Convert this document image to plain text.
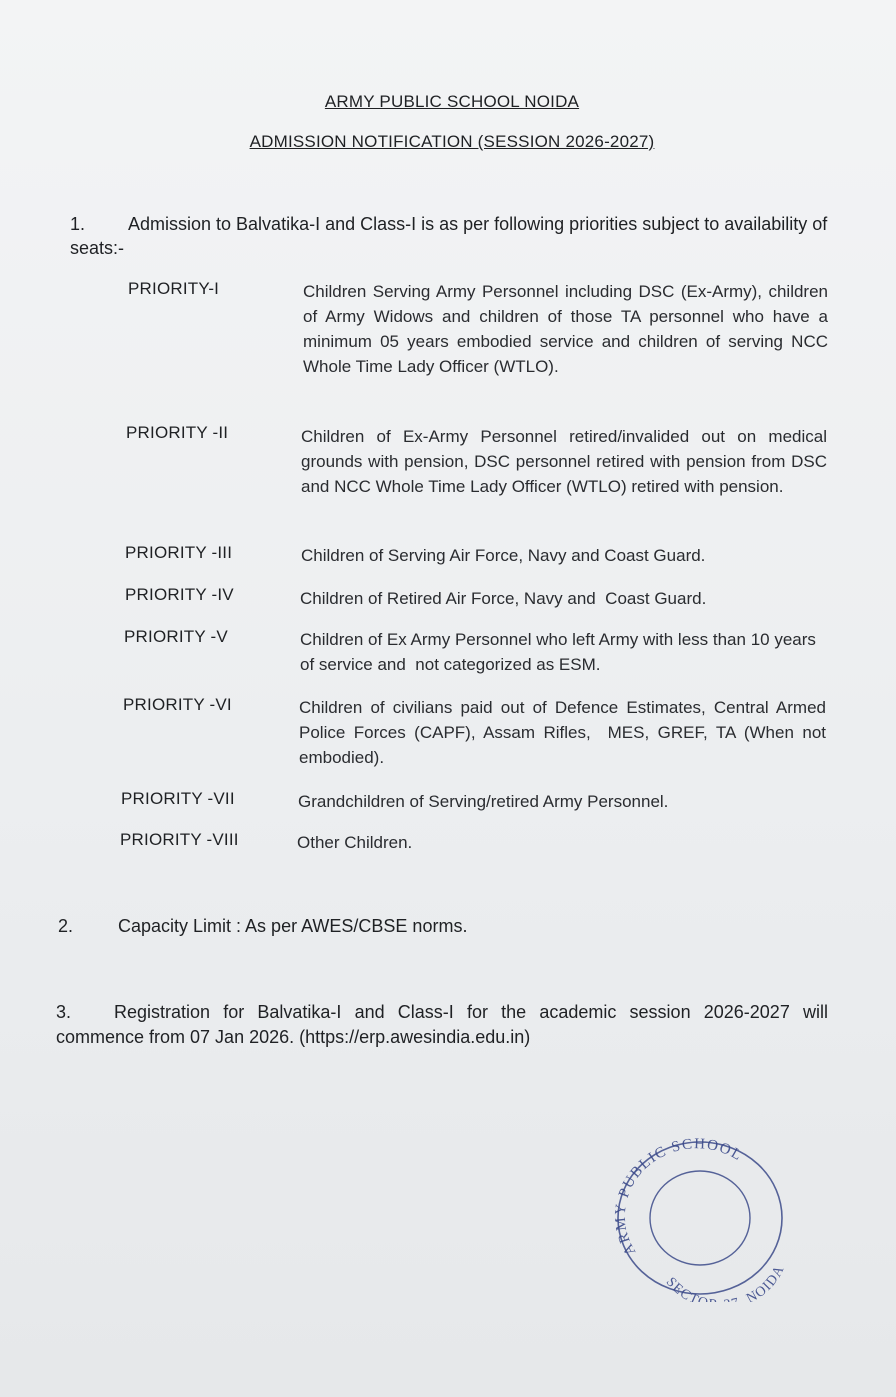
ARMY PUBLIC SCHOOL NOIDA
ADMISSION NOTIFICATION (SESSION 2026-2027)
1. Admission to Balvatika-I and Class-I is as per following priorities subject to availability of seats:-
PRIORITY-I	Children Serving Army Personnel including DSC (Ex-Army), children of Army Widows and children of those TA personnel who have a minimum 05 years embodied service and children of serving NCC Whole Time Lady Officer (WTLO).
PRIORITY -II	Children of Ex-Army Personnel retired/invalided out on medical grounds with pension, DSC personnel retired with pension from DSC and NCC Whole Time Lady Officer (WTLO) retired with pension.
PRIORITY -III	Children of Serving Air Force, Navy and Coast Guard.
PRIORITY -IV	Children of Retired Air Force, Navy and  Coast Guard.
PRIORITY -V	Children of Ex Army Personnel who left Army with less than 10 years of service and  not categorized as ESM.
PRIORITY -VI	Children of civilians paid out of Defence Estimates, Central Armed Police Forces (CAPF), Assam Rifles,  MES, GREF, TA (When not embodied).
PRIORITY -VII	Grandchildren of Serving/retired Army Personnel.
PRIORITY -VIII	Other Children.
2. Capacity Limit : As per AWES/CBSE norms.
3. Registration for Balvatika-I and Class-I for the academic session 2026-2027 will commence from 07 Jan 2026. (https://erp.awesindia.edu.in)
ARMY PUBLIC SCHOOL
SECT NOIDA
